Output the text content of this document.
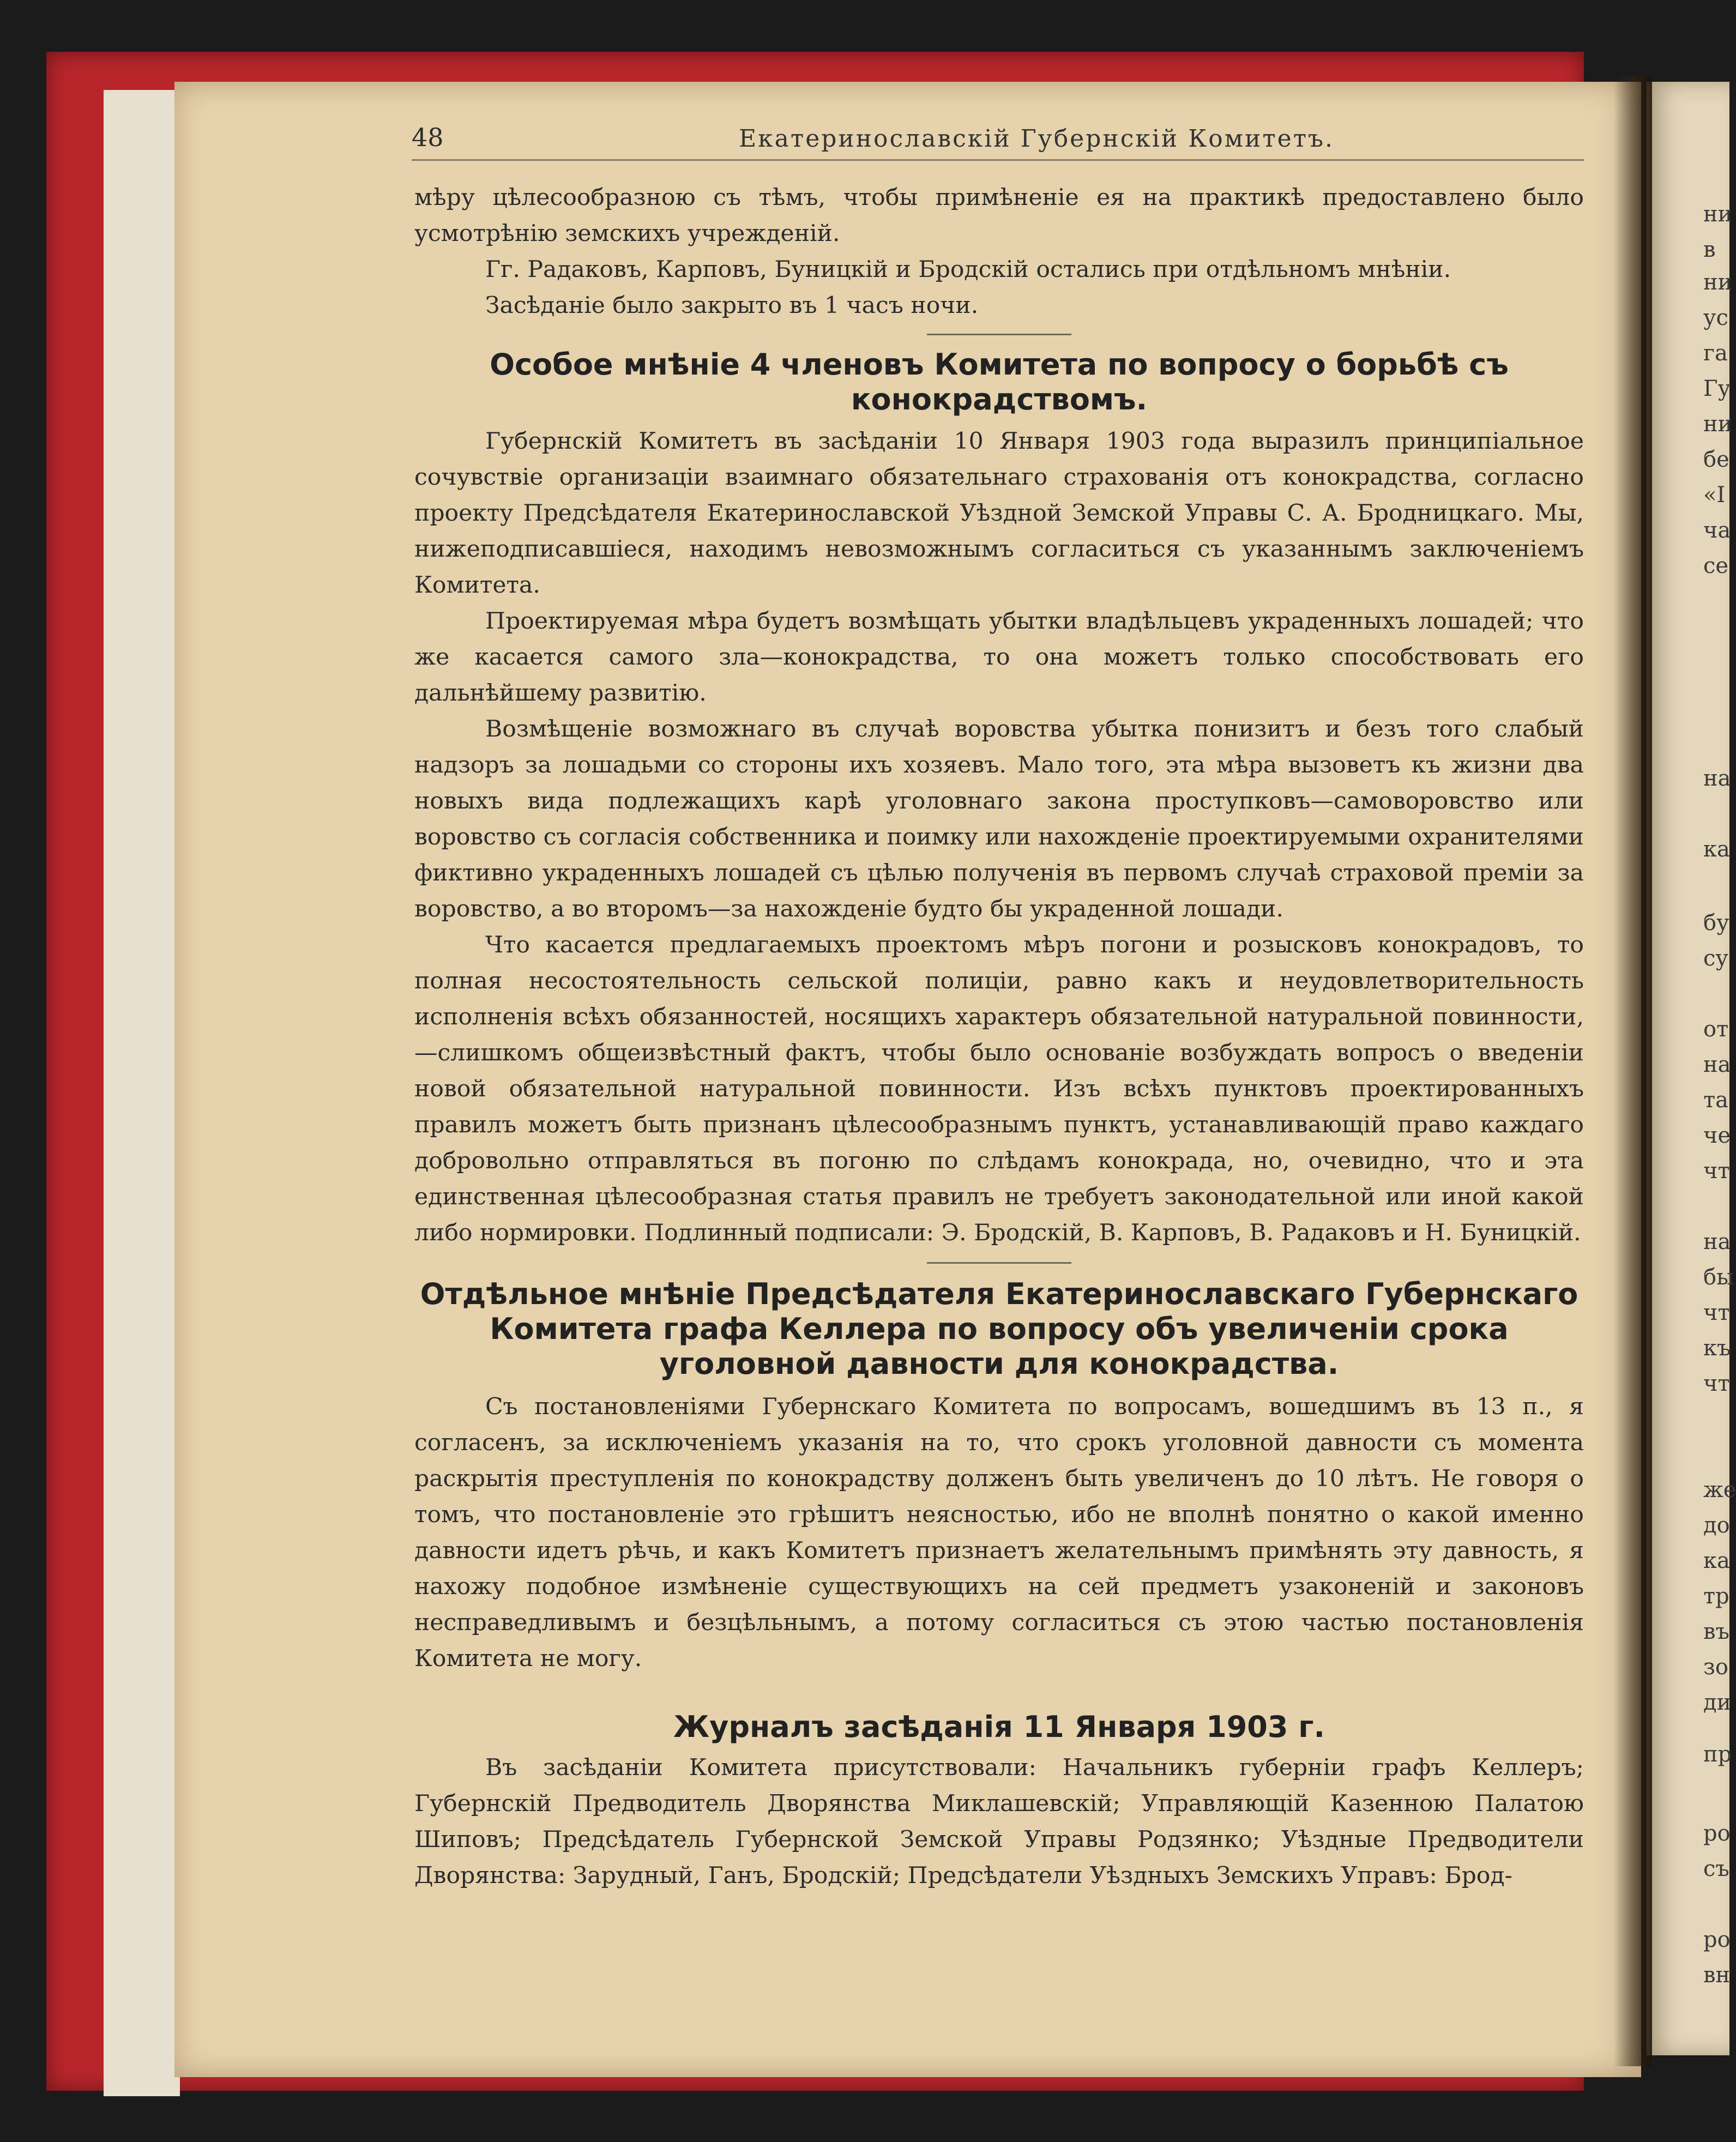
ни
в
ни
ус
га
Гу
ни
бе
«I
ча
се
на
ка
бу
су
от
на
та
че
чт
на
бы
чт
къ
чт
же
до
ка
тр
въ
зо
ди
пр
ро
съ
ро
вн
48	Екатеринославскій Губернскій Комитетъ.

мѣру цѣлесообразною съ тѣмъ, чтобы примѣненіе ея на практикѣ предоставлено было усмотрѣнію земскихъ учрежденій.

Гг. Радаковъ, Карповъ, Буницкій и Бродскій остались при отдѣльномъ мнѣніи.

Засѣданіе было закрыто въ 1 часъ ночи.

Особое мнѣніе 4 членовъ Комитета по вопросу о борьбѣ съ конокрадствомъ.

Губернскій Комитетъ въ засѣданіи 10 Января 1903 года выразилъ принципіальное сочувствіе организаціи взаимнаго обязательнаго страхованія отъ конокрадства, согласно проекту Предсѣдателя Екатеринославской Уѣздной Земской Управы С. А. Бродницкаго. Мы, нижеподписавшіеся, находимъ невозможнымъ согласиться съ указаннымъ заключеніемъ Комитета.

Проектируемая мѣра будетъ возмѣщать убытки владѣльцевъ украденныхъ лошадей; что же касается самого зла—конокрадства, то она можетъ только способствовать его дальнѣйшему развитію.

Возмѣщеніе возможнаго въ случаѣ воровства убытка понизитъ и безъ того слабый надзоръ за лошадьми со стороны ихъ хозяевъ. Мало того, эта мѣра вызоветъ къ жизни два новыхъ вида подлежащихъ карѣ уголовнаго закона проступковъ—самоворовство или воровство съ согласія собственника и поимку или нахожденіе проектируемыми охранителями фиктивно украденныхъ лошадей съ цѣлью полученія въ первомъ случаѣ страховой преміи за воровство, а во второмъ—за нахожденіе будто бы украденной лошади.

Что касается предлагаемыхъ проектомъ мѣръ погони и розысковъ конокрадовъ, то полная несостоятельность сельской полиціи, равно какъ и неудовлетворительность исполненія всѣхъ обязанностей, носящихъ характеръ обязательной натуральной повинности,—слишкомъ общеизвѣстный фактъ, чтобы было основаніе возбуждать вопросъ о введеніи новой обязательной натуральной повинности. Изъ всѣхъ пунктовъ проектированныхъ правилъ можетъ быть признанъ цѣлесообразнымъ пунктъ, устанавливающій право каждаго добровольно отправляться въ погоню по слѣдамъ конокрада, но, очевидно, что и эта единственная цѣлесообразная статья правилъ не требуетъ законодательной или иной какой либо нормировки. Подлинный подписали: Э. Бродскій, В. Карповъ, В. Радаковъ и Н. Буницкій.

Отдѣльное мнѣніе Предсѣдателя Екатеринославскаго Губернскаго Комитета графа Келлера по вопросу объ увеличеніи срока уголовной давности для конокрадства.

Съ постановленіями Губернскаго Комитета по вопросамъ, вошедшимъ въ 13 п., я согласенъ, за исключеніемъ указанія на то, что срокъ уголовной давности съ момента раскрытія преступленія по конокрадству долженъ быть увеличенъ до 10 лѣтъ. Не говоря о томъ, что постановленіе это грѣшитъ неясностью, ибо не вполнѣ понятно о какой именно давности идетъ рѣчь, и какъ Комитетъ признаетъ желательнымъ примѣнять эту давность, я нахожу подобное измѣненіе существующихъ на сей предметъ узаконеній и законовъ несправедливымъ и безцѣльнымъ, а потому согласиться съ этою частью постановленія Комитета не могу.

Журналъ засѣданія 11 Января 1903 г.

Въ засѣданіи Комитета присутствовали: Начальникъ губерніи графъ Келлеръ; Губернскій Предводитель Дворянства Миклашевскій; Управляющій Казенною Палатою Шиповъ; Предсѣдатель Губернской Земской Управы Родзянко; Уѣздные Предводители Дворянства: Зарудный, Ганъ, Бродскій; Предсѣдатели Уѣздныхъ Земскихъ Управъ: Брод-
